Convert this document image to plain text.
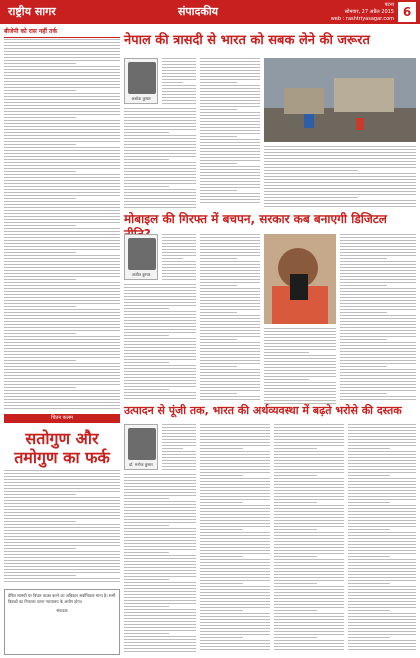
राष्ट्रीय सागर	संपादकीय	पटना
सोमवार, 27 अप्रैल 2015
web : rashtriyasagar.com 6
बीजेपी को रास नहीं तर्क
चिंतन कलम
सतोगुण और तमोगुण का फर्क
प्रेषित सामग्री पर विचार व्यक्त करने का अधिकार सर्वाधिकार मान्य है। सभी विवादों का निपटारा पटना न्यायालय के अधीन होगा।
संपादक
नेपाल की त्रासदी से भारत को सबक लेने की जरूरत
अशोक कुमार
मोबाइल की गिरफ्त में बचपन, सरकार कब बनाएगी डिजिटल
अजीत कुमार
उत्पादन से पूंजी तक, भारत की अर्थव्यवस्था में बढ़ते भरोसे की दस्तक
डॉ. मनोज कुमार
